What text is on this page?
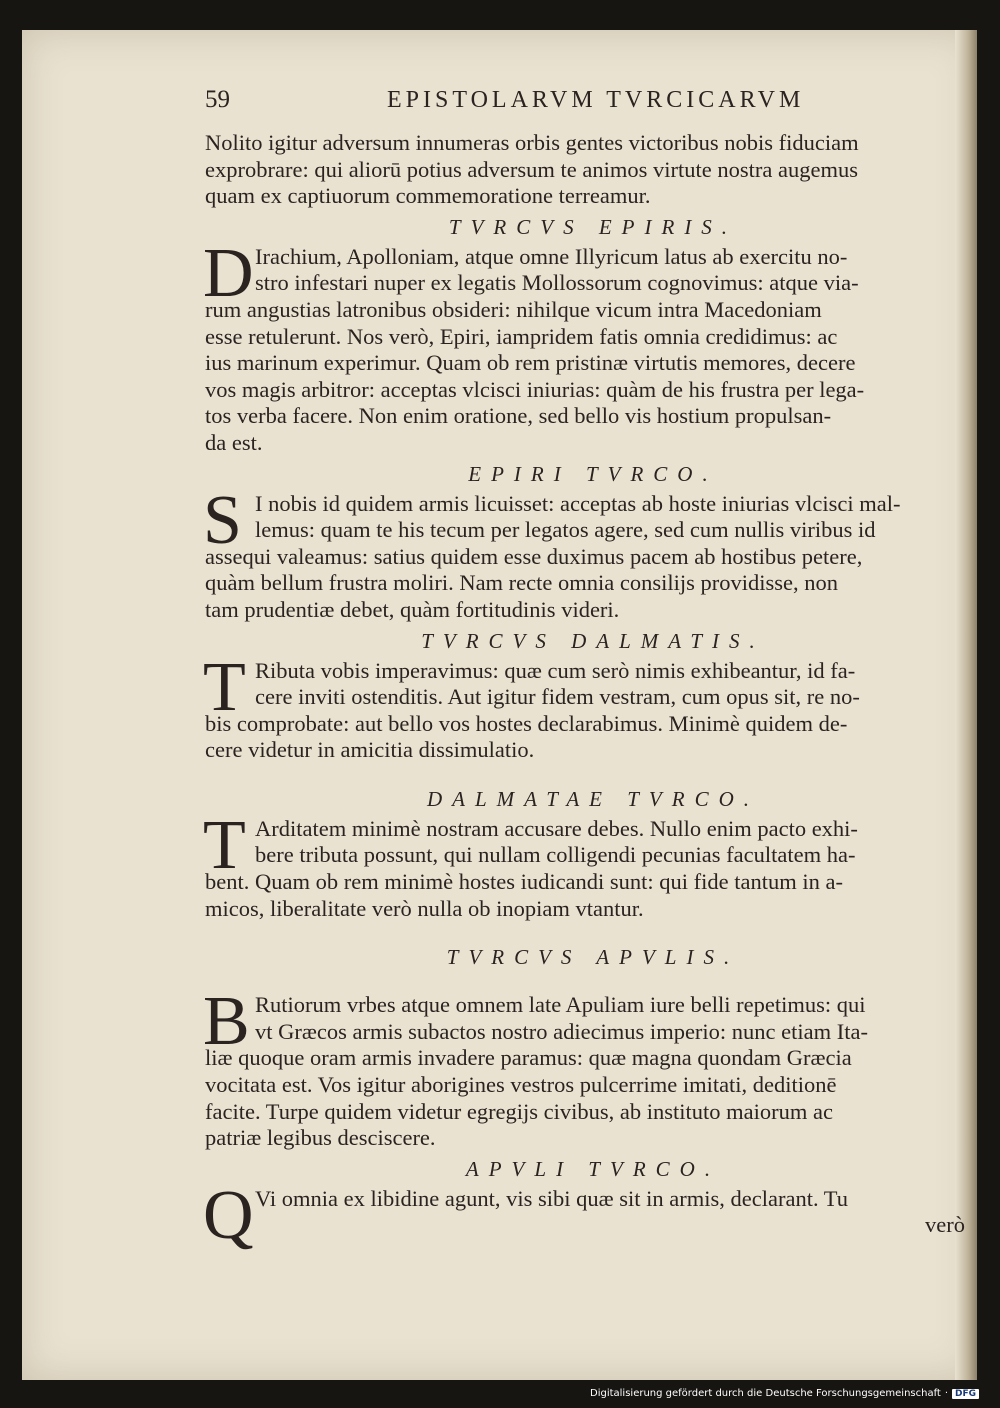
59	EPISTOLARVM TVRCICARVM

Nolito igitur adversum innumeras orbis gentes victoribus nobis fiduciam

exprobrare: qui aliorū potius adversum te animos virtute nostra augemus

quam ex captiuorum commemoratione terreamur.

TVRCVS EPIRIS.
D Irachium, Apolloniam, atque omne Illyricum latus ab exercitu no-

stro infestari nuper ex legatis Mollossorum cognovimus: atque via-

rum angustias latronibus obsideri: nihilque vicum intra Macedoniam

esse retulerunt. Nos verò, Epiri, iampridem fatis omnia credidimus: ac

ius marinum experimur. Quam ob rem pristinæ virtutis memores, decere

vos magis arbitror: acceptas vlcisci iniurias: quàm de his frustra per lega-

tos verba facere. Non enim oratione, sed bello vis hostium propulsan-

da est.

EPIRI TVRCO.
S I nobis id quidem armis licuisset: acceptas ab hoste iniurias vlcisci mal-

lemus: quam te his tecum per legatos agere, sed cum nullis viribus id

assequi valeamus: satius quidem esse duximus pacem ab hostibus petere,

quàm bellum frustra moliri. Nam recte omnia consilijs providisse, non

tam prudentiæ debet, quàm fortitudinis videri.

TVRCVS DALMATIS.
T Ributa vobis imperavimus: quæ cum serò nimis exhibeantur, id fa-

cere inviti ostenditis. Aut igitur fidem vestram, cum opus sit, re no-

bis comprobate: aut bello vos hostes declarabimus. Minimè quidem de-

cere videtur in amicitia dissimulatio.

DALMATAE TVRCO.
T Arditatem minimè nostram accusare debes. Nullo enim pacto exhi-

bere tributa possunt, qui nullam colligendi pecunias facultatem ha-

bent. Quam ob rem minimè hostes iudicandi sunt: qui fide tantum in a-

micos, liberalitate verò nulla ob inopiam vtantur.

TVRCVS APVLIS.
B Rutiorum vrbes atque omnem late Apuliam iure belli repetimus: qui

vt Græcos armis subactos nostro adiecimus imperio: nunc etiam Ita-

liæ quoque oram armis invadere paramus: quæ magna quondam Græcia

vocitata est. Vos igitur aborigines vestros pulcerrime imitati, deditionē

facite. Turpe quidem videtur egregijs civibus, ab instituto maiorum ac

patriæ legibus desciscere.

APVLI TVRCO.
Q Vi omnia ex libidine agunt, vis sibi quæ sit in armis, declarant. Tu

verò

Digitalisierung gefördert durch die Deutsche Forschungsgemeinschaft · DFG
